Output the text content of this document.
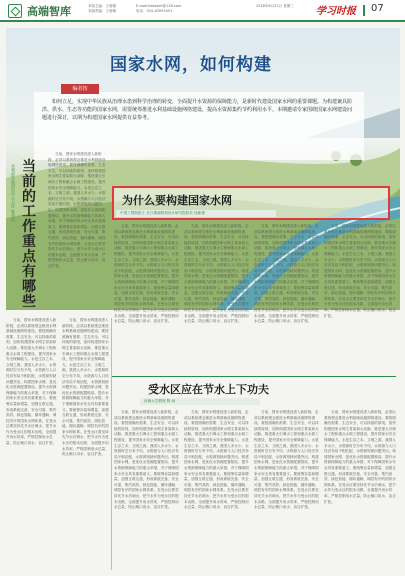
高端智库	本版主编：王莉娜
本版责编：王莉娜
E-mail:llwtxsbh@126.com
电话：010-63093451
2018年8月22日 星期三 学习时报 07
国家水网，如何构建
如何立足，实现中华民族从治理水患到科学治理的转变，全面提升水资源的保障能力，是新时代建设国家水网的重要课题。为构建兼具防洪、供水、生态等功能的国家水网，需要统筹推进水利基础设施网络建设，提高水资源集约节约利用水平。本期邀请专家围绕国家水网建设问题进行探讨，以期为构建国家水网提供有益参考。
编者按
水利部发展研究中心主任 陈茂山 当前的工作重点有哪些

当前，国家水网建设进入新阶段，必须以系统观念推进水利基础设施网络建设。要按照确有需要、生态安全、可以持续的原则，加快构建国家水网主骨架和大动脉，推进重大引调水工程和重点水源工程建设，提升国家水安全保障能力。水是生存之本、文明之源。我国人多水少，水资源时空分布不均，水资源与人口经济布局不相匹配，水资源短缺问题突出。构建国家水网，是优化水资源配置格局、提升水资源保障能力的重大举措，对于保障国家水安全具有重要意义。要统筹存量和增量，加强互联互通，形成系统完备、安全可靠、集约高效、绿色智能、循环通畅、调控有序的国家水网体系。在受水区要坚持先节水后调水，把节水作为受水区的根本出路，全面提升用水效率，严格控制用水总量，防止敞口用水、盲目扩张。

当前，国家水网建设进入新阶段，必须以系统观念推进水利基础设施网络建设。要按照确有需要、生态安全、可以持续的原则，加快构建国家水网主骨架和大动脉，推进重大引调水工程和重点水源工程建设，提升国家水安全保障能力。水是生存之本、文明之源。我国人多水少，水资源时空分布不均，水资源与人口经济布局不相匹配，水资源短缺问题突出。构建国家水网，是优化水资源配置格局、提升水资源保障能力的重大举措，对于保障国家水安全具有重要意义。要统筹存量和增量，加强互联互通，形成系统完备、安全可靠、集约高效、绿色智能、循环通畅、调控有序的国家水网体系。在受水区要坚持先节水后调水，把节水作为受水区的根本出路，全面提升用水效率，严格控制用水总量，防止敞口用水、盲目扩张。

当前，国家水网建设进入新阶段，必须以系统观念推进水利基础设施网络建设。要按照确有需要、生态安全、可以持续的原则，加快构建国家水网主骨架和大动脉，推进重大引调水工程和重点水源工程建设，提升国家水安全保障能力。水是生存之本、文明之源。我国人多水少，水资源时空分布不均，水资源与人口经济布局不相匹配，水资源短缺问题突出。构建国家水网，是优化水资源配置格局、提升水资源保障能力的重大举措，对于保障国家水安全具有重要意义。要统筹存量和增量，加强互联互通，形成系统完备、安全可靠、集约高效、绿色智能、循环通畅、调控有序的国家水网体系。在受水区要坚持先节水后调水，把节水作为受水区的根本出路，全面提升用水效率，严格控制用水总量，防止敞口用水、盲目扩张。

当前，国家水网建设进入新阶段，必须以系统观念推进水利基础设施网络建设。要按照确有需要、生态安全、可以持续的原则，加快构建国家水网主骨架和大动脉，推进重大引调水工程和重点水源工程建设，提升国家水安全保障能力。水是生存之本、文明之源。我国人多水少，水资源时空分布不均，水资源与人口经济布局不相匹配，水资源短缺问题突出。构建国家水网，是优化水资源配置格局、提升水资源保障能力的重大举措，对于保障国家水安全具有重要意义。要统筹存量和增量，加强互联互通，形成系统完备、安全可靠、集约高效、绿色智能、循环通畅、调控有序的国家水网体系。在受水区要坚持先节水后调水，把节水作为受水区的根本出路，全面提升用水效率，严格控制用水总量，防止敞口用水、盲目扩张。

当前，国家水网建设进入新阶段，必须以系统观念推进水利基础设施网络建设。要按照确有需要、生态安全、可以持续的原则，加快构建国家水网主骨架和大动脉，推进重大引调水工程和重点水源工程建设，提升国家水安全保障能力。水是生存之本、文明之源。我国人多水少，水资源时空分布不均，水资源与人口经济布局不相匹配，水资源短缺问题突出。构建国家水网，是优化水资源配置格局、提升水资源保障能力的重大举措，对于保障国家水安全具有重要意义。要统筹存量和增量，加强互联互通，形成系统完备、安全可靠、集约高效、绿色智能、循环通畅、调控有序的国家水网体系。在受水区要坚持先节水后调水，把节水作为受水区的根本出路，全面提升用水效率，严格控制用水总量，防止敞口用水、盲目扩张。

当前，国家水网建设进入新阶段，必须以系统观念推进水利基础设施网络建设。要按照确有需要、生态安全、可以持续的原则，加快构建国家水网主骨架和大动脉，推进重大引调水工程和重点水源工程建设，提升国家水安全保障能力。水是生存之本、文明之源。我国人多水少，水资源时空分布不均，水资源与人口经济布局不相匹配，水资源短缺问题突出。构建国家水网，是优化水资源配置格局、提升水资源保障能力的重大举措，对于保障国家水安全具有重要意义。要统筹存量和增量，加强互联互通，形成系统完备、安全可靠、集约高效、绿色智能、循环通畅、调控有序的国家水网体系。在受水区要坚持先节水后调水，把节水作为受水区的根本出路，全面提升用水效率，严格控制用水总量，防止敞口用水、盲目扩张。

当前，国家水网建设进入新阶段，必须以系统观念推进水利基础设施网络建设。要按照确有需要、生态安全、可以持续的原则，加快构建国家水网主骨架和大动脉，推进重大引调水工程和重点水源工程建设，提升国家水安全保障能力。水是生存之本、文明之源。我国人多水少，水资源时空分布不均，水资源与人口经济布局不相匹配，水资源短缺问题突出。构建国家水网，是优化水资源配置格局、提升水资源保障能力的重大举措，对于保障国家水安全具有重要意义。要统筹存量和增量，加强互联互通，形成系统完备、安全可靠、集约高效、绿色智能、循环通畅、调控有序的国家水网体系。在受水区要坚持先节水后调水，把节水作为受水区的根本出路，全面提升用水效率，严格控制用水总量，防止敞口用水、盲目扩张。

当前，国家水网建设进入新阶段，必须以系统观念推进水利基础设施网络建设。要按照确有需要、生态安全、可以持续的原则，加快构建国家水网主骨架和大动脉，推进重大引调水工程和重点水源工程建设，提升国家水安全保障能力。水是生存之本、文明之源。我国人多水少，水资源时空分布不均，水资源与人口经济布局不相匹配，水资源短缺问题突出。构建国家水网，是优化水资源配置格局、提升水资源保障能力的重大举措，对于保障国家水安全具有重要意义。要统筹存量和增量，加强互联互通，形成系统完备、安全可靠、集约高效、绿色智能、循环通畅、调控有序的国家水网体系。在受水区要坚持先节水后调水，把节水作为受水区的根本出路，全面提升用水效率，严格控制用水总量，防止敞口用水、盲目扩张。

当前，国家水网建设进入新阶段，必须以系统观念推进水利基础设施网络建设。要按照确有需要、生态安全、可以持续的原则，加快构建国家水网主骨架和大动脉，推进重大引调水工程和重点水源工程建设，提升国家水安全保障能力。水是生存之本、文明之源。我国人多水少，水资源时空分布不均，水资源与人口经济布局不相匹配，水资源短缺问题突出。构建国家水网，是优化水资源配置格局、提升水资源保障能力的重大举措，对于保障国家水安全具有重要意义。要统筹存量和增量，加强互联互通，形成系统完备、安全可靠、集约高效、绿色智能、循环通畅、调控有序的国家水网体系。在受水区要坚持先节水后调水，把节水作为受水区的根本出路，全面提升用水效率，严格控制用水总量，防止敞口用水、盲目扩张。

当前，国家水网建设进入新阶段，必须以系统观念推进水利基础设施网络建设。要按照确有需要、生态安全、可以持续的原则，加快构建国家水网主骨架和大动脉，推进重大引调水工程和重点水源工程建设，提升国家水安全保障能力。水是生存之本、文明之源。我国人多水少，水资源时空分布不均，水资源与人口经济布局不相匹配，水资源短缺问题突出。构建国家水网，是优化水资源配置格局、提升水资源保障能力的重大举措，对于保障国家水安全具有重要意义。要统筹存量和增量，加强互联互通，形成系统完备、安全可靠、集约高效、绿色智能、循环通畅、调控有序的国家水网体系。在受水区要坚持先节水后调水，把节水作为受水区的根本出路，全面提升用水效率，严格控制用水总量，防止敞口用水、盲目扩张。

当前，国家水网建设进入新阶段，必须以系统观念推进水利基础设施网络建设。要按照确有需要、生态安全、可以持续的原则，加快构建国家水网主骨架和大动脉，推进重大引调水工程和重点水源工程建设，提升国家水安全保障能力。水是生存之本、文明之源。我国人多水少，水资源时空分布不均，水资源与人口经济布局不相匹配，水资源短缺问题突出。构建国家水网，是优化水资源配置格局、提升水资源保障能力的重大举措，对于保障国家水安全具有重要意义。要统筹存量和增量，加强互联互通，形成系统完备、安全可靠、集约高效、绿色智能、循环通畅、调控有序的国家水网体系。在受水区要坚持先节水后调水，把节水作为受水区的根本出路，全面提升用水效率，严格控制用水总量，防止敞口用水、盲目扩张。

为什么要构建国家水网
中国工程院院士 长江勘测规划设计研究院院长 钮新强
受水区应在节水上下功夫
河海大学教授 陈 雨
